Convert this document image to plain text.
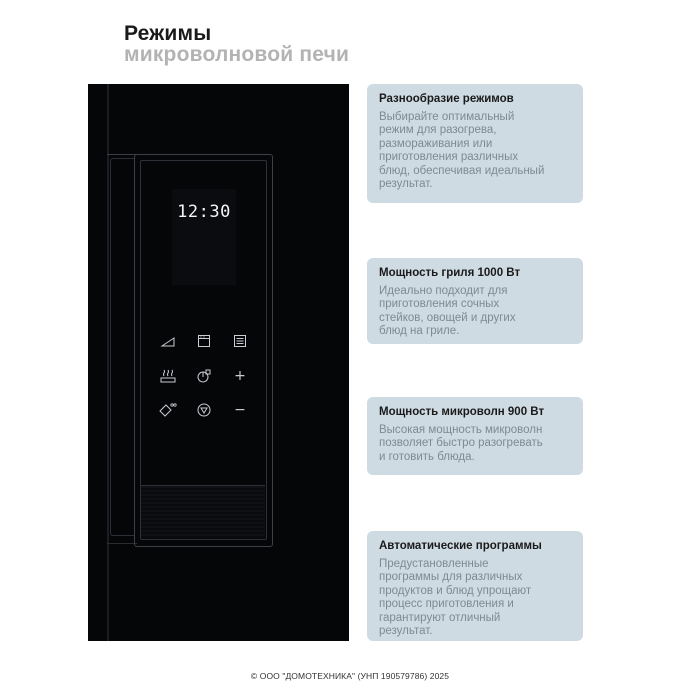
Режимы
микроволновой печи
12:30
+
−
Разнообразие режимов
Выбирайте оптимальный
режим для разогрева,
размораживания или
приготовления различных
блюд, обеспечивая идеальный
результат.
Мощность гриля 1000 Вт
Идеально подходит для
приготовления сочных
стейков, овощей и других
блюд на гриле.
Мощность микроволн 900 Вт
Высокая мощность микроволн
позволяет быстро разогревать
и готовить блюда.
Автоматические программы
Предустановленные
программы для различных
продуктов и блюд упрощают
процесс приготовления и
гарантируют отличный
результат.
© ООО "ДОМОТЕХНИКА" (УНП 190579786) 2025
